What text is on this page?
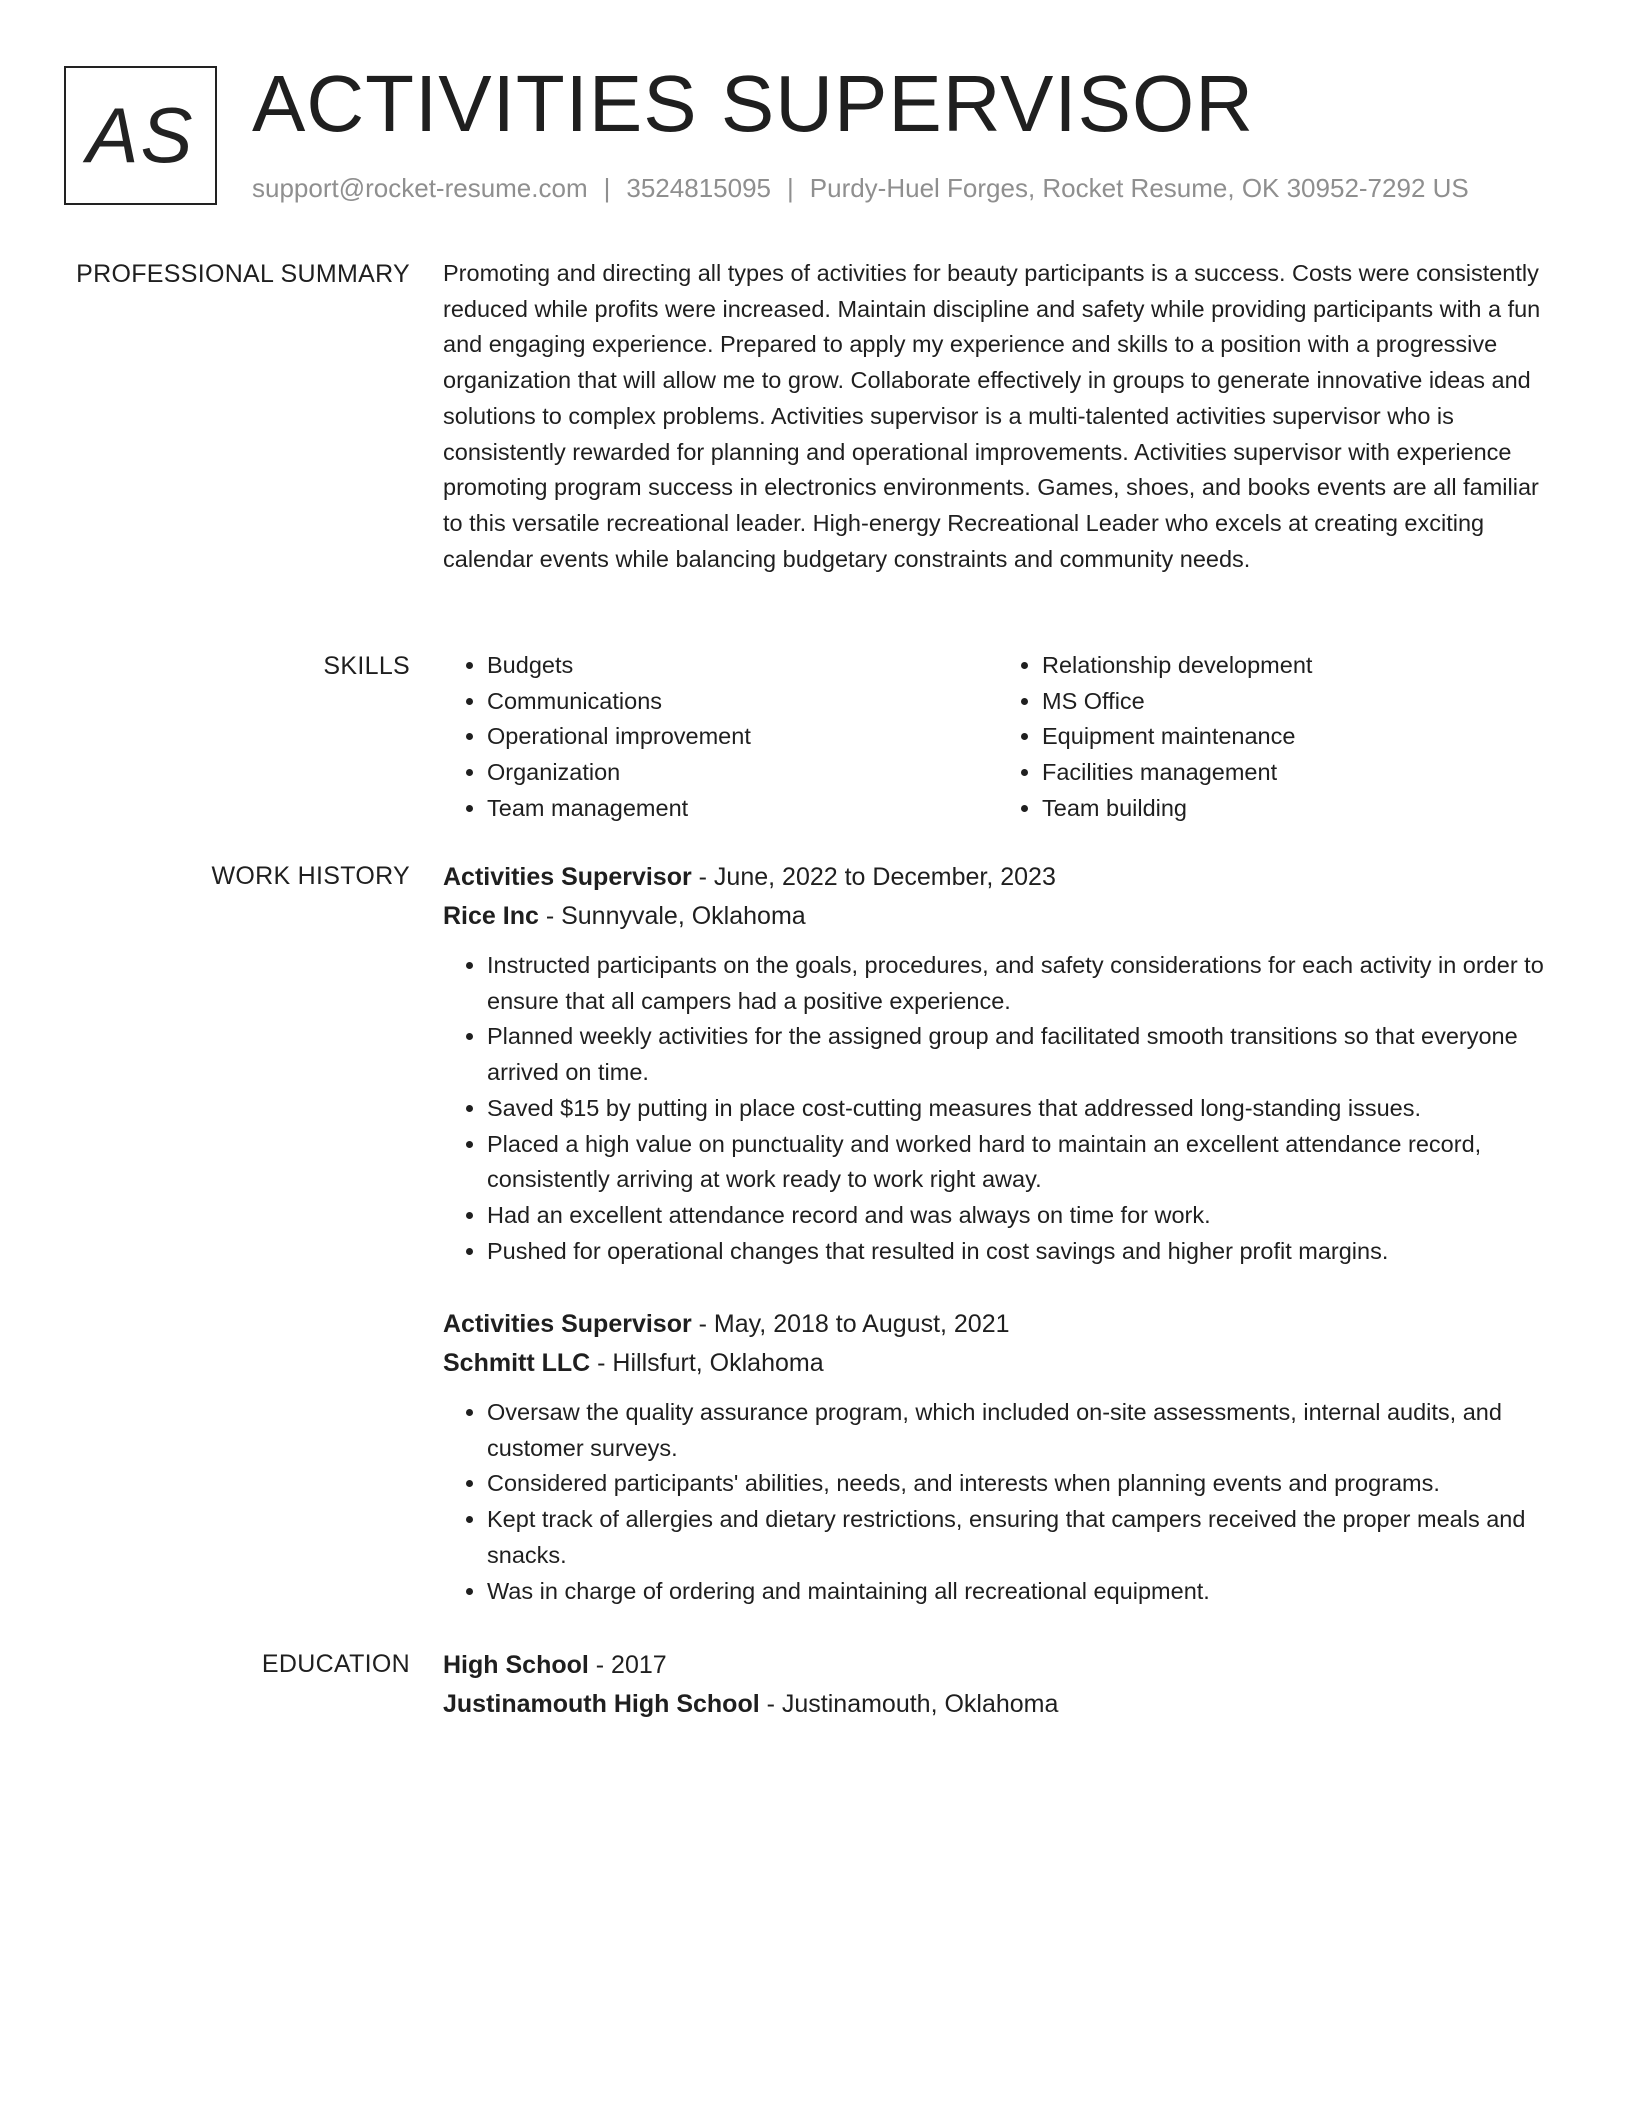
AS ACTIVITIES SUPERVISOR
support@rocket-resume.com | 3524815095 | Purdy-Huel Forges, Rocket Resume, OK 30952-7292 US
PROFESSIONAL SUMMARY Promoting and directing all types of activities for beauty participants is a success. Costs were consistently reduced while profits were increased. Maintain discipline and safety while providing participants with a fun and engaging experience. Prepared to apply my experience and skills to a position with a progressive organization that will allow me to grow. Collaborate effectively in groups to generate innovative ideas and solutions to complex problems. Activities supervisor is a multi-talented activities supervisor who is consistently rewarded for planning and operational improvements. Activities supervisor with experience promoting program success in electronics environments. Games, shoes, and books events are all familiar to this versatile recreational leader. High-energy Recreational Leader who excels at creating exciting calendar events while balancing budgetary constraints and community needs.
SKILLS
•	Budgets
• Communications
• Operational improvement
• Organization
• Team management
• Relationship development
• MS Office
• Equipment maintenance
• Facilities management
• Team building
WORK HISTORY Activities Supervisor - June, 2022 to December, 2023
Rice Inc - Sunnyvale, Oklahoma
• Instructed participants on the goals, procedures, and safety considerations for each activity in order to ensure that all campers had a positive experience.
• Planned weekly activities for the assigned group and facilitated smooth transitions so that everyone arrived on time.
• Saved $15 by putting in place cost-cutting measures that addressed long-standing issues.
• Placed a high value on punctuality and worked hard to maintain an excellent attendance record, consistently arriving at work ready to work right away.
• Had an excellent attendance record and was always on time for work.
• Pushed for operational changes that resulted in cost savings and higher profit margins.
Activities Supervisor - May, 2018 to August, 2021
Schmitt LLC - Hillsfurt, Oklahoma
• Oversaw the quality assurance program, which included on-site assessments, internal audits, and customer surveys.
• Considered participants' abilities, needs, and interests when planning events and programs.
• Kept track of allergies and dietary restrictions, ensuring that campers received the proper meals and snacks.
• Was in charge of ordering and maintaining all recreational equipment.
EDUCATION High School - 2017
Justinamouth High School - Justinamouth, Oklahoma
